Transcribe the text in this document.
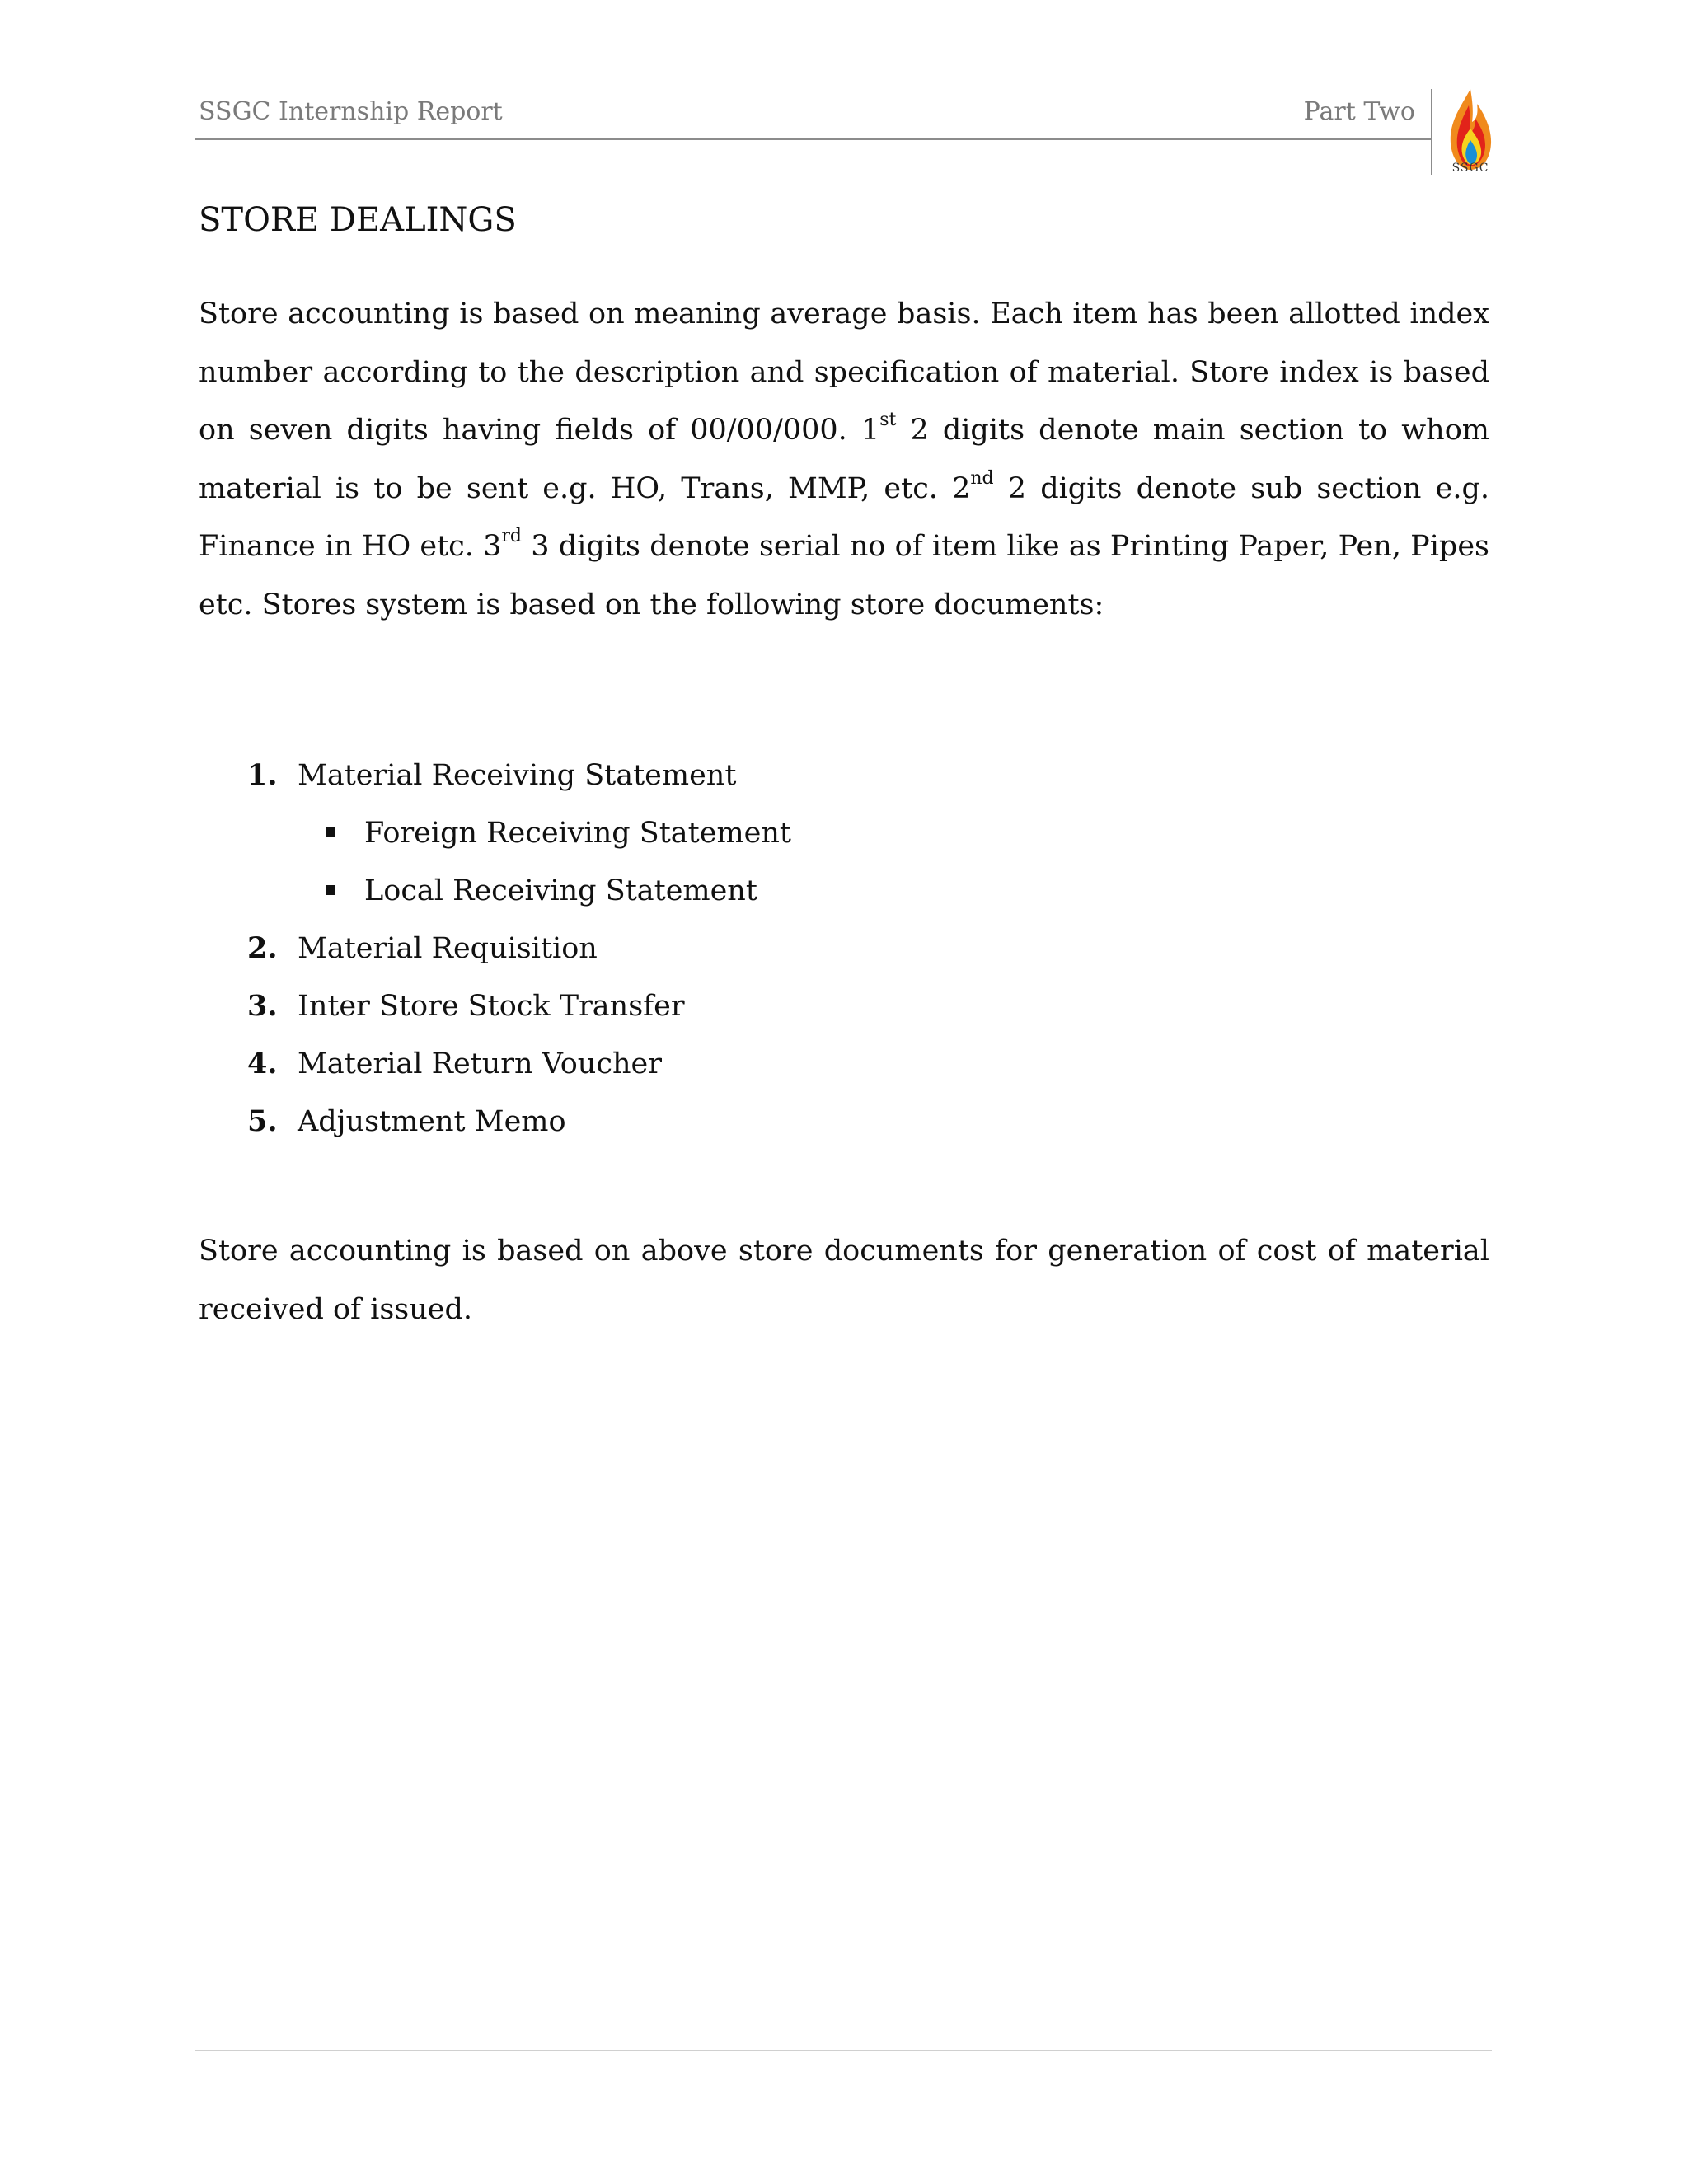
SSGC Internship Report	Part Two
SSGC
STORE DEALINGS
Store accounting is based on meaning average basis. Each item has been allotted index number according to the description and specification of material. Store index is based on seven digits having fields of 00/00/000. 1st 2 digits denote main section to whom material is to be sent e.g. HO, Trans, MMP, etc. 2nd 2 digits denote sub section e.g. Finance in HO etc. 3rd 3 digits denote serial no of item like as Printing Paper, Pen, Pipes etc. Stores system is based on the following store documents:
1. Material Receiving Statement
Foreign Receiving Statement
Local Receiving Statement
2. Material Requisition
3. Inter Store Stock Transfer
4. Material Return Voucher
5. Adjustment Memo
Store accounting is based on above store documents for generation of cost of material received of issued.
